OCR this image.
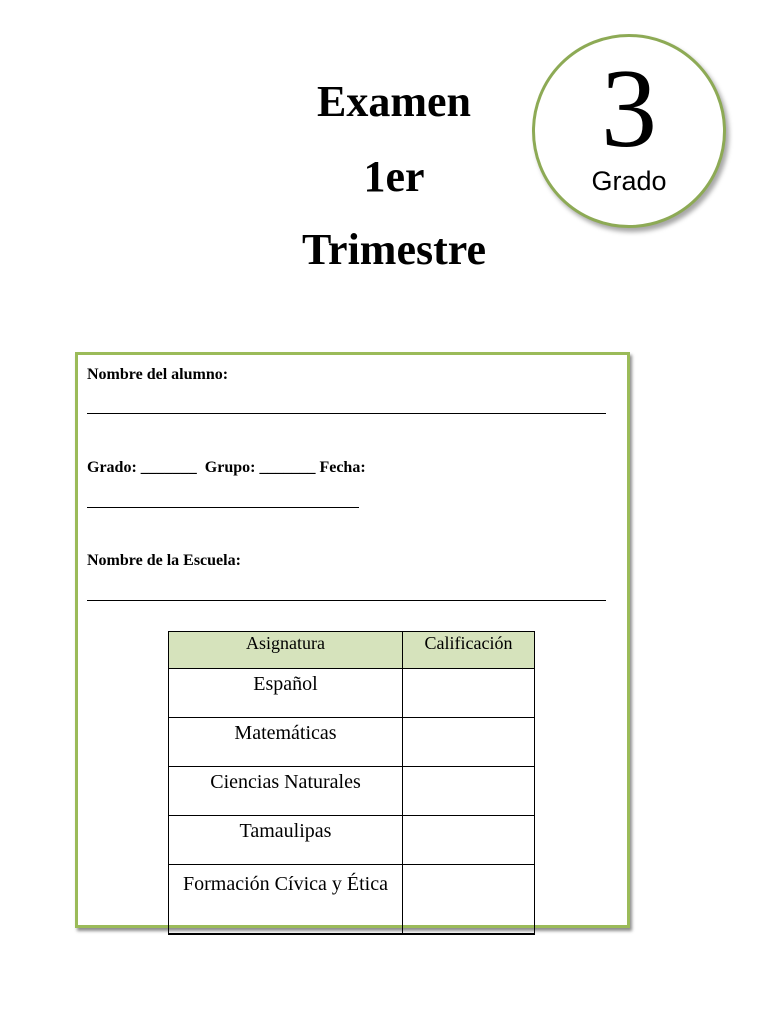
Examen
1er
Trimestre
3
Grado
Nombre del alumno:
Grado: _______  Grupo: _______ Fecha:
Nombre de la Escuela:
Asignatura	Calificación
Español	
Matemáticas	
Ciencias Naturales	
Tamaulipas	
Formación Cívica y Ética	
